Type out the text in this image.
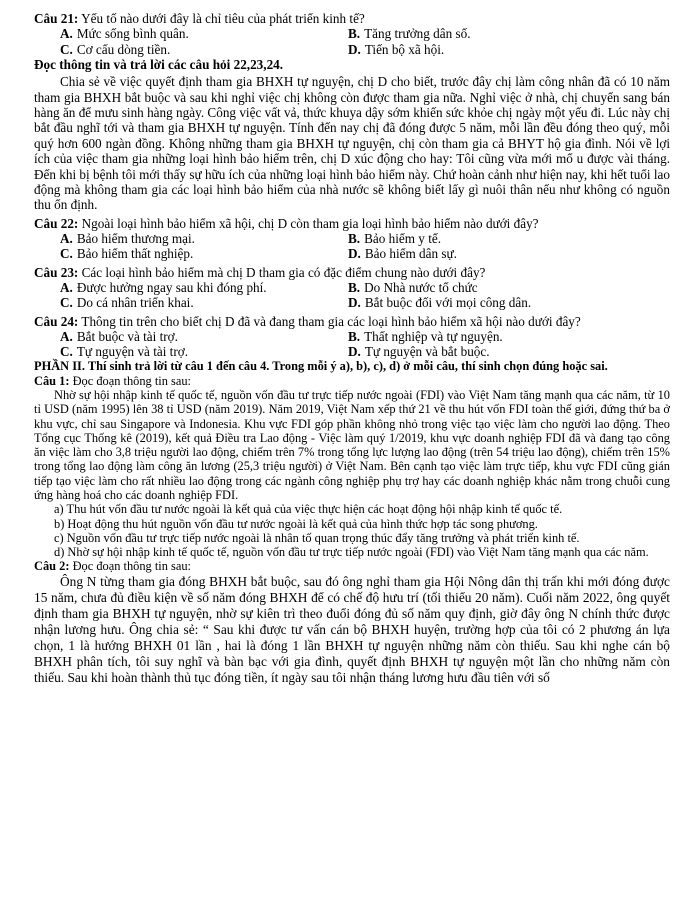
Câu 21: Yếu tố nào dưới đây là chỉ tiêu của phát triển kinh tế?

A. Mức sống bình quân.	B. Tăng trưởng dân số.
C. Cơ cấu dòng tiền.	D. Tiến bộ xã hội.

Đọc thông tin và trả lời các câu hỏi 22,23,24.

Chia sẻ về việc quyết định tham gia BHXH tự nguyện, chị D cho biết, trước đây chị làm công nhân đã có 10 năm tham gia BHXH bắt buộc và sau khi nghỉ việc chị không còn được tham gia nữa. Nghỉ việc ở nhà, chị chuyển sang bán hàng ăn để mưu sinh hàng ngày. Công việc vất vả, thức khuya dậy sớm khiến sức khỏe chị ngày một yếu đi. Lúc này chị bắt đầu nghĩ tới và tham gia BHXH tự nguyện. Tính đến nay chị đã đóng được 5 năm, mỗi lần đều đóng theo quý, mỗi quý hơn 600 ngàn đồng. Không những tham gia BHXH tự nguyện, chị còn tham gia cả BHYT hộ gia đình. Nói về lợi ích của việc tham gia những loại hình bảo hiểm trên, chị D xúc động cho hay: Tôi cũng vừa mới mổ u được vài tháng. Đến khi bị bệnh tôi mới thấy sự hữu ích của những loại hình bảo hiểm này. Chứ hoàn cảnh như hiện nay, khi hết tuổi lao động mà không tham gia các loại hình bảo hiểm của nhà nước sẽ không biết lấy gì nuôi thân nếu như không có nguồn thu ổn định.

Câu 22: Ngoài loại hình bảo hiểm xã hội, chị D còn tham gia loại hình bảo hiểm nào dưới đây?

A. Bảo hiểm thương mại.	B. Bảo hiểm y tế.
C. Bảo hiểm thất nghiệp.	D. Bảo hiểm dân sự.

Câu 23: Các loại hình bảo hiểm mà chị D tham gia có đặc điểm chung nào dưới đây?

A. Được hưởng ngay sau khi đóng phí.	B. Do Nhà nước tổ chức
C. Do cá nhân triển khai.	D. Bắt buộc đối với mọi công dân.

Câu 24: Thông tin trên cho biết chị D đã và đang tham gia các loại hình bảo hiểm xã hội nào dưới đây?

A. Bắt buộc và tài trợ.	B. Thất nghiệp và tự nguyện.
C. Tự nguyện và tài trợ.	D. Tự nguyện và bắt buộc.

PHẦN II. Thí sinh trả lời từ câu 1 đến câu 4. Trong mỗi ý a), b), c), d) ở mỗi câu, thí sinh chọn đúng hoặc sai.

Câu 1: Đọc đoạn thông tin sau:

Nhờ sự hội nhập kinh tế quốc tế, nguồn vốn đầu tư trực tiếp nước ngoài (FDI) vào Việt Nam tăng mạnh qua các năm, từ 10 tỉ USD (năm 1995) lên 38 tỉ USD (năm 2019). Năm 2019, Việt Nam xếp thứ 21 về thu hút vốn FDI toàn thế giới, đứng thứ ba ở khu vực, chỉ sau Singapore và Indonesia. Khu vực FDI góp phần không nhỏ trong việc tạo việc làm cho người lao động. Theo Tổng cục Thống kê (2019), kết quả Điều tra Lao động - Việc làm quý 1/2019, khu vực doanh nghiệp FDI đã và đang tạo công ăn việc làm cho 3,8 triệu người lao động, chiếm trên 7% trong tổng lực lượng lao động (trên 54 triệu lao động), chiếm trên 15% trong tổng lao động làm công ăn lương (25,3 triệu người) ở Việt Nam. Bên cạnh tạo việc làm trực tiếp, khu vực FDI cũng gián tiếp tạo việc làm cho rất nhiều lao động trong các ngành công nghiệp phụ trợ hay các doanh nghiệp khác nằm trong chuỗi cung ứng hàng hoá cho các doanh nghiệp FDI.

a) Thu hút vốn đầu tư nước ngoài là kết quả của việc thực hiện các hoạt động hội nhập kinh tế quốc tế.

b) Hoạt động thu hút nguồn vốn đầu tư nước ngoài là kết quả của hình thức hợp tác song phương.

c) Nguồn vốn đầu tư trực tiếp nước ngoài là nhân tố quan trọng thúc đẩy tăng trưởng và phát triển kinh tế.

d) Nhờ sự hội nhập kinh tế quốc tế, nguồn vốn đầu tư trực tiếp nước ngoài (FDI) vào Việt Nam tăng mạnh qua các năm.

Câu 2: Đọc đoạn thông tin sau:

Ông N từng tham gia đóng BHXH bắt buộc, sau đó ông nghỉ tham gia Hội Nông dân thị trấn khi mới đóng được 15 năm, chưa đủ điều kiện về số năm đóng BHXH để có chế độ hưu trí (tối thiểu 20 năm). Cuối năm 2022, ông quyết định tham gia BHXH tự nguyện, nhờ sự kiên trì theo đuổi đóng đủ số năm quy định, giờ đây ông N chính thức được nhận lương hưu. Ông chia sẻ: “ Sau khi được tư vấn cán bộ BHXH huyện, trường hợp của tôi có 2 phương án lựa chọn, 1 là hướng BHXH 01 lần , hai là đóng 1 lần BHXH tự nguyện những năm còn thiếu. Sau khi nghe cán bộ BHXH phân tích, tôi suy nghĩ và bàn bạc với gia đình, quyết định BHXH tự nguyện một lần cho những năm còn thiếu. Sau khi hoàn thành thủ tục đóng tiền, ít ngày sau tôi nhận tháng lương hưu đầu tiên với số
